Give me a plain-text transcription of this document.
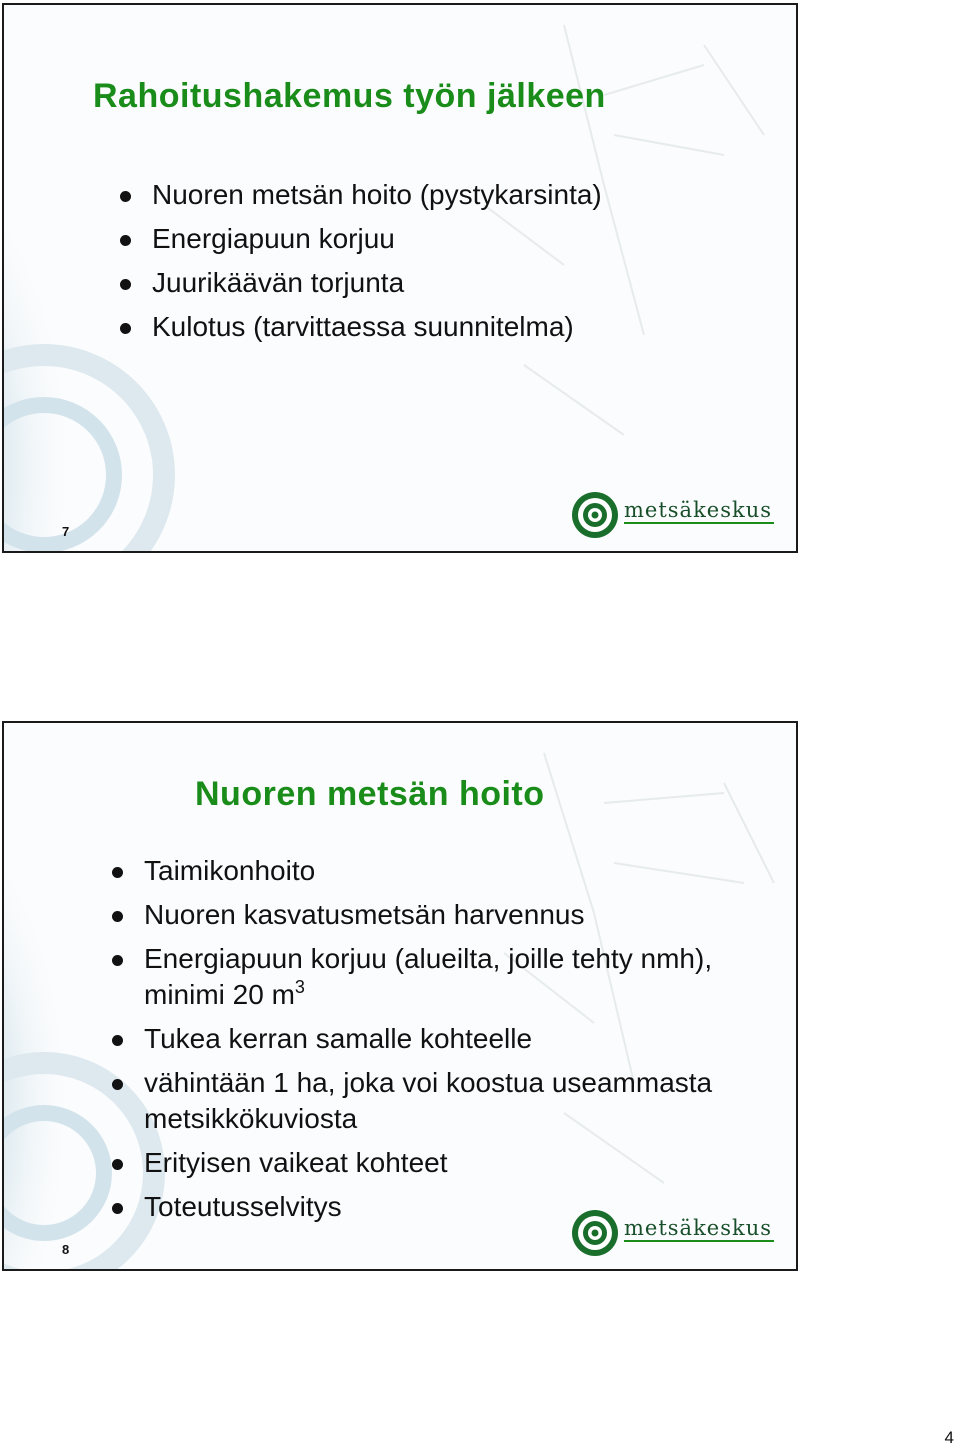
Rahoitushakemus työn jälkeen
Nuoren metsän hoito (pystykarsinta)
Energiapuun korjuu
Juurikäävän torjunta
Kulotus (tarvittaessa suunnitelma)
7
metsäkeskus
Nuoren metsän hoito
Taimikonhoito
Nuoren kasvatusmetsän harvennus
Energiapuun korjuu (alueilta, joille tehty nmh), minimi 20 $m^3$
Tukea kerran samalle kohteelle
vähintään 1 ha, joka voi koostua useammasta metsikkökuviosta
Erityisen vaikeat kohteet
Toteutusselvitys
8
metsäkeskus
4
